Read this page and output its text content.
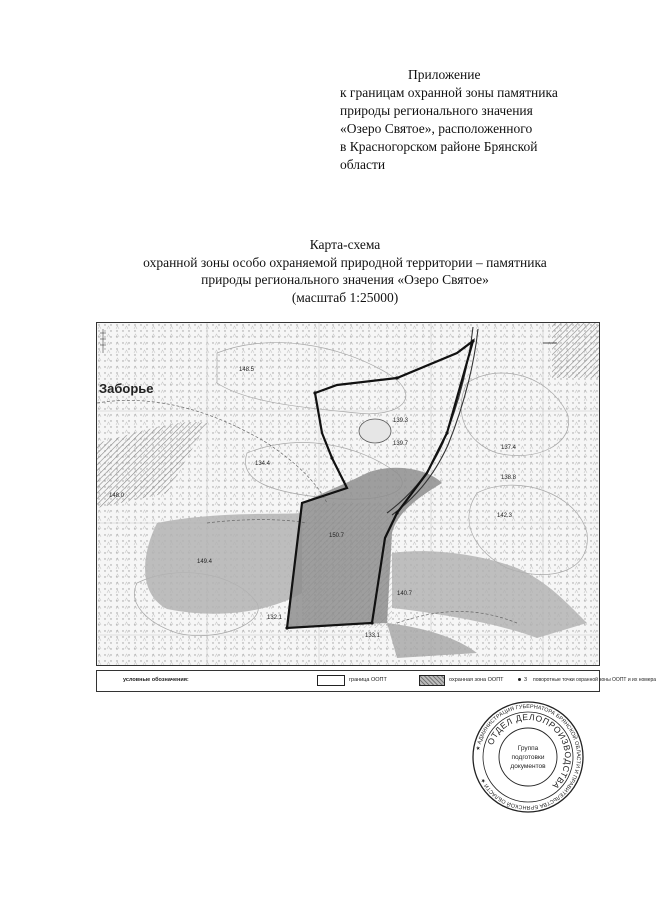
Приложение
к границам охранной зоны памятника
природы регионального значения
«Озеро Святое», расположенного
в Красногорском районе Брянской
области
Карта-схема
охранной зоны особо охраняемой природной территории – памятника
природы регионального значения «Озеро Святое»
(масштаб 1:25000)
Заборье
148.5
139.3
139.7
134.4
148.0
150.7
149.4
140.7
132.1
137.4
138.8
142.3
133.1
условные обозначения:	граница ООПТ	охранная зона ООПТ	3 поворотные точки охранной зоны ООПТ и их номера
★ АДМИНИСТРАЦИЯ ГУБЕРНАТОРА БРЯНСКОЙ ОБЛАСТИ И ПРАВИТЕЛЬСТВА БРЯНСКОЙ ОБЛАСТИ ★
ОТДЕЛ ДЕЛОПРОИЗВОДСТВА
Группа
подготовки
документов
